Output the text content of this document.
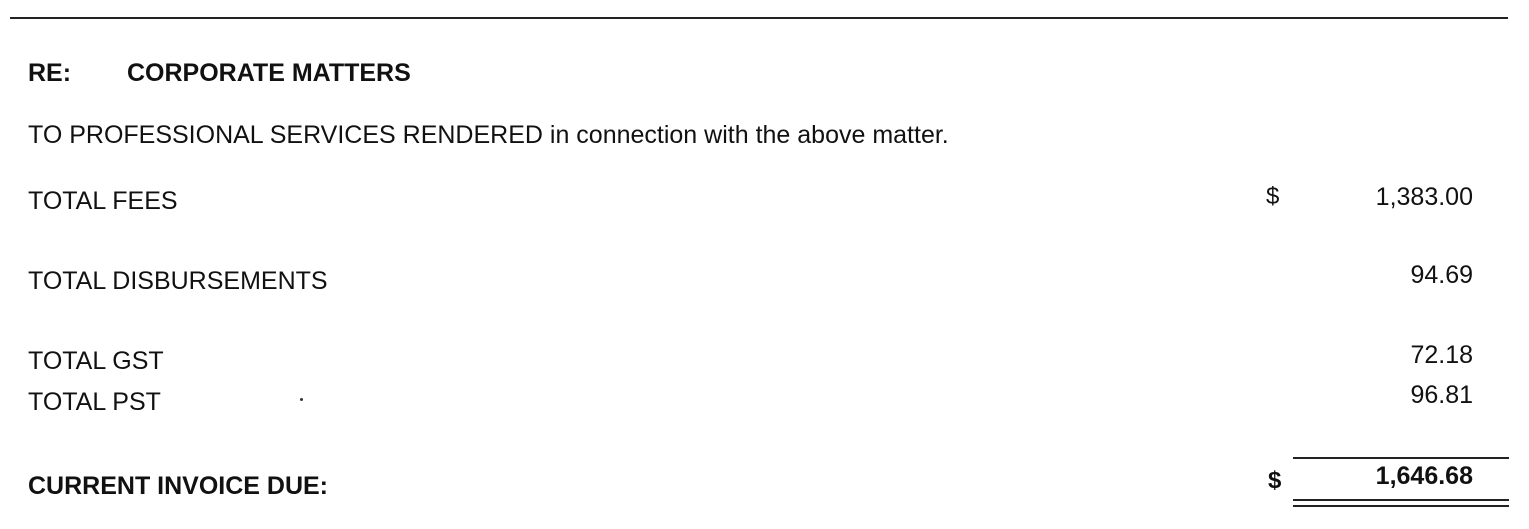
RE: CORPORATE MATTERS
TO PROFESSIONAL SERVICES RENDERED in connection with the above matter.
TOTAL FEES	$	1,383.00
TOTAL DISBURSEMENTS	94.69
TOTAL GST	72.18
TOTAL PST	96.81
CURRENT INVOICE DUE:	$	1,646.68
